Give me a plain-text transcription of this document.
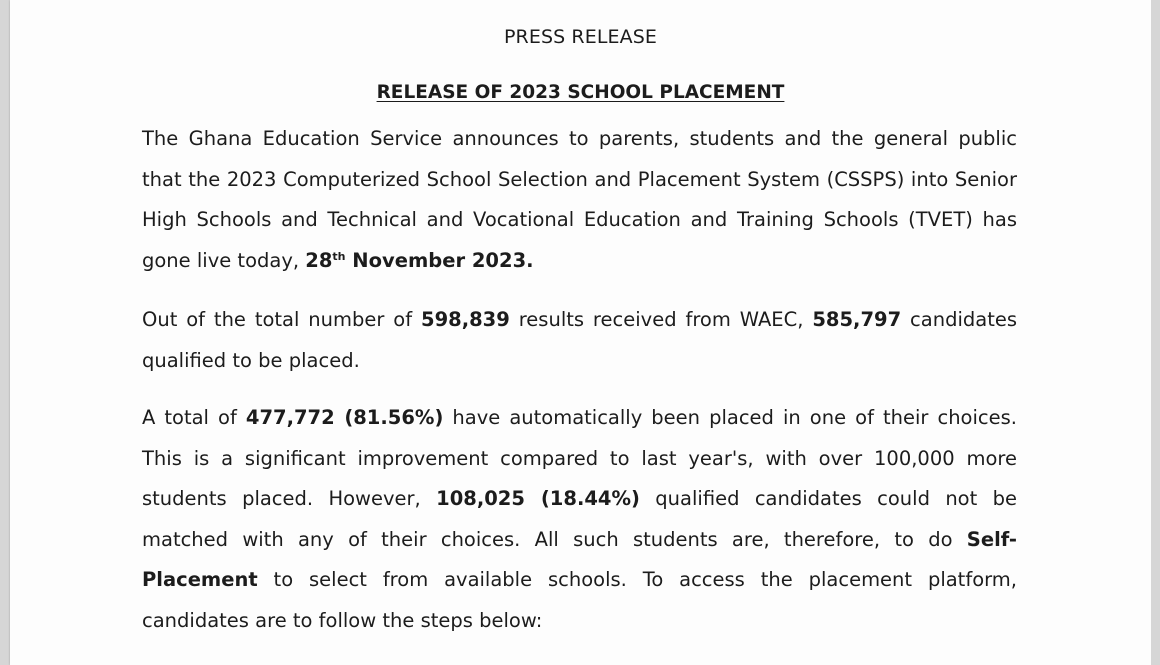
PRESS RELEASE
RELEASE OF 2023 SCHOOL PLACEMENT
The Ghana Education Service announces to parents, students and the general public that the 2023 Computerized School Selection and Placement System (CSSPS) into Senior High Schools and Technical and Vocational Education and Training Schools (TVET) has gone live today, 28th November 2023.
Out of the total number of 598,839 results received from WAEC, 585,797 candidates qualified to be placed.
A total of 477,772 (81.56%) have automatically been placed in one of their choices. This is a significant improvement compared to last year's, with over 100,000 more students placed. However, 108,025 (18.44%) qualified candidates could not be matched with any of their choices. All such students are, therefore, to do Self-Placement to select from available schools. To access the placement platform, candidates are to follow the steps below:
